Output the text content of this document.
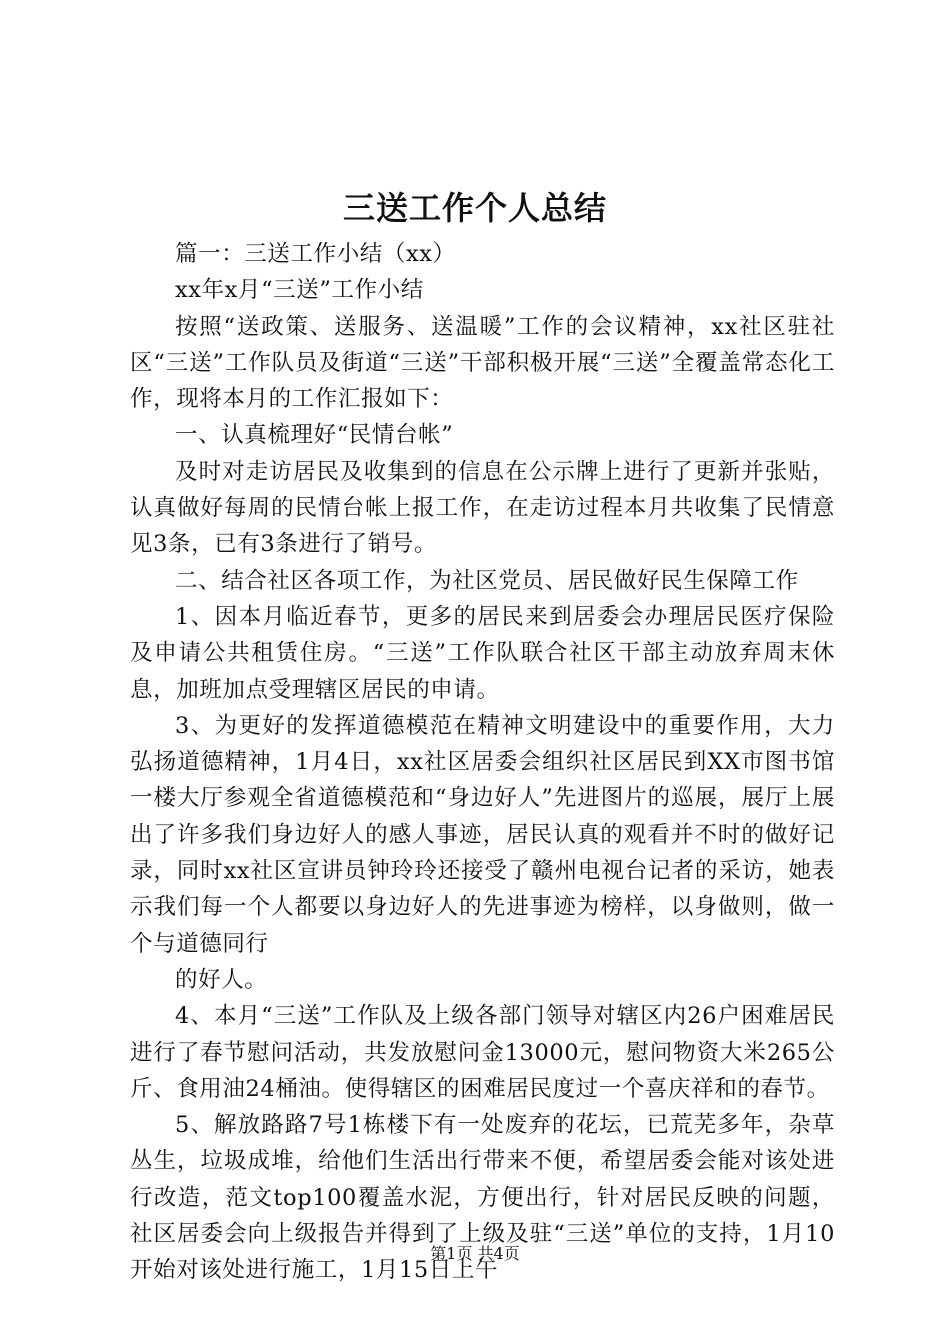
三送工作个人总结

篇一：三送工作小结（xx）

xx年x月“三送”工作小结

按照“送政策、送服务、送温暖”工作的会议精神，xx社区驻社区“三送”工作队员及街道“三送”干部积极开展“三送”全覆盖常态化工作，现将本月的工作汇报如下：

一、认真梳理好“民情台帐”

及时对走访居民及收集到的信息在公示牌上进行了更新并张贴，认真做好每周的民情台帐上报工作，在走访过程本月共收集了民情意见3条，已有3条进行了销号。

二、结合社区各项工作，为社区党员、居民做好民生保障工作

1、因本月临近春节，更多的居民来到居委会办理居民医疗保险及申请公共租赁住房。“三送”工作队联合社区干部主动放弃周末休息，加班加点受理辖区居民的申请。

3、为更好的发挥道德模范在精神文明建设中的重要作用，大力弘扬道德精神，1月4日，xx社区居委会组织社区居民到XX市图书馆一楼大厅参观全省道德模范和“身边好人”先进图片的巡展，展厅上展出了许多我们身边好人的感人事迹，居民认真的观看并不时的做好记录，同时xx社区宣讲员钟玲玲还接受了赣州电视台记者的采访，她表示我们每一个人都要以身边好人的先进事迹为榜样，以身做则，做一个与道德同行

的好人。

4、本月“三送”工作队及上级各部门领导对辖区内26户困难居民进行了春节慰问活动，共发放慰问金13000元，慰问物资大米265公斤、食用油24桶油。使得辖区的困难居民度过一个喜庆祥和的春节。

5、解放路路7号1栋楼下有一处废弃的花坛，已荒芜多年，杂草丛生，垃圾成堆，给他们生活出行带来不便，希望居委会能对该处进行改造，范文top100覆盖水泥，方便出行，针对居民反映的问题，社区居委会向上级报告并得到了上级及驻“三送”单位的支持，1月10开始对该处进行施工，1月15日上午

第1页 共4页
